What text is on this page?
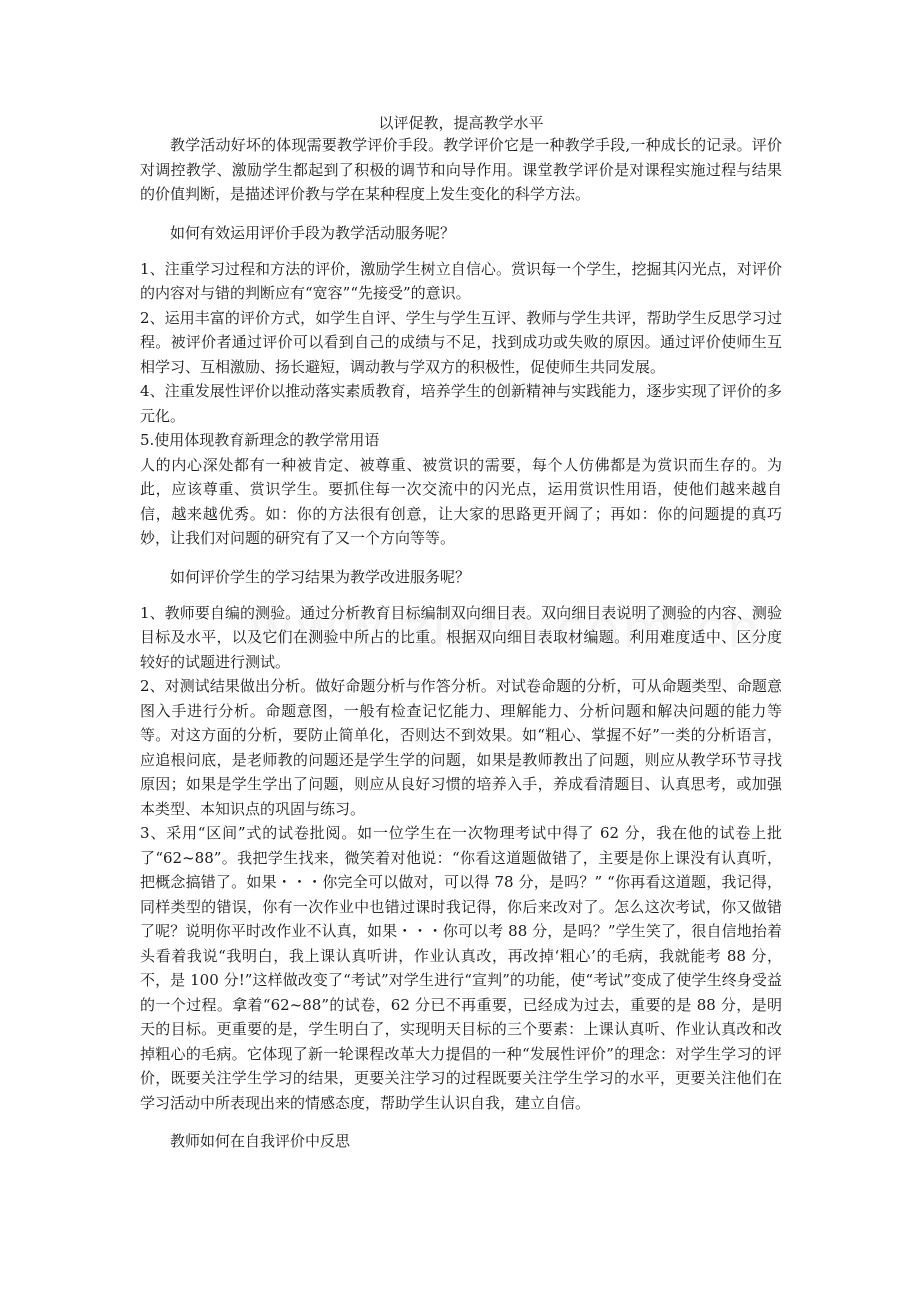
以评促教，提高教学水平

教学活动好坏的体现需要教学评价手段。教学评价它是一种教学手段,一种成长的记录。评价对调控教学、激励学生都起到了积极的调节和向导作用。课堂教学评价是对课程实施过程与结果的价值判断，是描述评价教与学在某种程度上发生变化的科学方法。

如何有效运用评价手段为教学活动服务呢？

1、注重学习过程和方法的评价，激励学生树立自信心。赏识每一个学生，挖掘其闪光点，对评价的内容对与错的判断应有“宽容”“先接受”的意识。

2、运用丰富的评价方式，如学生自评、学生与学生互评、教师与学生共评，帮助学生反思学习过程。被评价者通过评价可以看到自己的成绩与不足，找到成功或失败的原因。通过评价使师生互相学习、互相激励、扬长避短，调动教与学双方的积极性，促使师生共同发展。

4、注重发展性评价以推动落实素质教育，培养学生的创新精神与实践能力，逐步实现了评价的多元化。

5.使用体现教育新理念的教学常用语

人的内心深处都有一种被肯定、被尊重、被赏识的需要，每个人仿佛都是为赏识而生存的。为此，应该尊重、赏识学生。要抓住每一次交流中的闪光点，运用赏识性用语，使他们越来越自信，越来越优秀。如：你的方法很有创意，让大家的思路更开阔了；再如：你的问题提的真巧妙，让我们对问题的研究有了又一个方向等等。

如何评价学生的学习结果为教学改进服务呢？

1、教师要自编的测验。通过分析教育目标编制双向细目表。双向细目表说明了测验的内容、测验目标及水平，以及它们在测验中所占的比重。根据双向细目表取材编题。利用难度适中、区分度较好的试题进行测试。

2、对测试结果做出分析。做好命题分析与作答分析。对试卷命题的分析，可从命题类型、命题意图入手进行分析。命题意图，一般有检查记忆能力、理解能力、分析问题和解决问题的能力等等。对这方面的分析，要防止简单化，否则达不到效果。如“粗心、掌握不好”一类的分析语言，应追根问底，是老师教的问题还是学生学的问题，如果是教师教出了问题，则应从教学环节寻找原因；如果是学生学出了问题，则应从良好习惯的培养入手，养成看清题目、认真思考，或加强本类型、本知识点的巩固与练习。

3、采用“区间”式的试卷批阅。如一位学生在一次物理考试中得了 62 分，我在他的试卷上批了“62~88”。我把学生找来，微笑着对他说：“你看这道题做错了，主要是你上课没有认真听，把概念搞错了。如果・・・你完全可以做对，可以得 78 分，是吗？” “你再看这道题，我记得，同样类型的错误，你有一次作业中也错过课时我记得，你后来改对了。怎么这次考试，你又做错了呢？说明你平时改作业不认真，如果・・・你可以考 88 分，是吗？”学生笑了，很自信地抬着头看着我说“我明白，我上课认真听讲，作业认真改，再改掉‘粗心’的毛病，我就能考 88 分，不，是 100 分!”这样做改变了“考试”对学生进行“宣判”的功能，使“考试”变成了使学生终身受益的一个过程。拿着“62~88”的试卷，62 分已不再重要，已经成为过去，重要的是 88 分，是明天的目标。更重要的是，学生明白了，实现明天目标的三个要素：上课认真听、作业认真改和改掉粗心的毛病。它体现了新一轮课程改革大力提倡的一种“发展性评价”的理念：对学生学习的评价，既要关注学生学习的结果，更要关注学习的过程既要关注学生学习的水平，更要关注他们在学习活动中所表现出来的情感态度，帮助学生认识自我，建立自信。

教师如何在自我评价中反思
